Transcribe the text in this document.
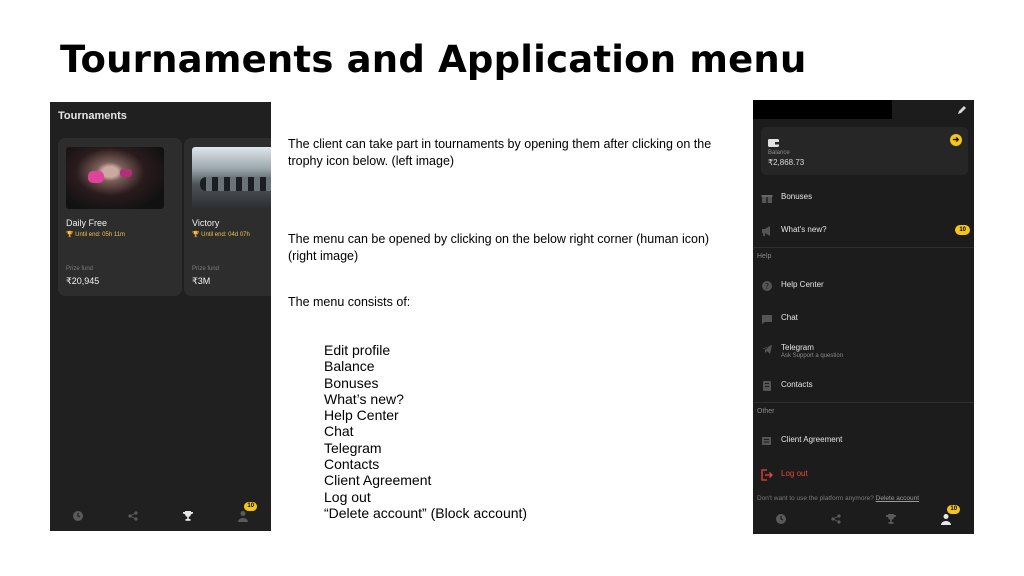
Tournaments and Application menu
Tournaments
Daily Free
🏆 Until end: 05h 11m
Prize fund
₹20,945
Victory
🏆 Until end: 04d 07h
Prize fund
₹3M
10
The client can take part in tournaments by opening them after clicking on the trophy icon below. (left image)
The menu can be opened by clicking on the below right corner (human icon) (right image)
The menu consists of:
Edit profile
Balance
Bonuses
What’s new?
Help Center
Chat
Telegram
Contacts
Client Agreement
Log out
“Delete account” (Block account)
Balance
₹2,868.73
➔
Bonuses
What's new?	10
Help
? Help Center
Chat
Telegram
Ask Support a question
Contacts
Other
Client Agreement
Log out
Don't want to use the platform anymore? Delete account
10
